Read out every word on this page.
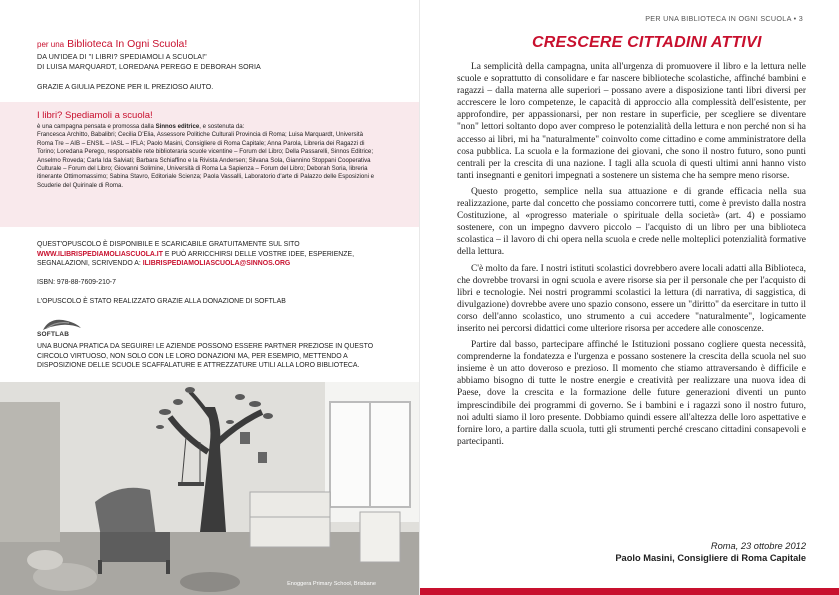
per una Biblioteca In Ogni Scuola!
DA UN'IDEA DI "I LIBRI? SPEDIAMOLI A SCUOLA!"
DI LUISA MARQUARDT, LOREDANA PEREGO E DEBORAH SORIA
GRAZIE A GIULIA PEZONE PER IL PREZIOSO AIUTO.
I libri? Spediamoli a scuola!
è una campagna pensata e promossa dalla Sinnos editrice, e sostenuta da:
Francesca Architto, Babalibri; Cecilia D'Elia, Assessore Politiche Culturali Provincia di Roma; Luisa Marquardt, Università Roma Tre – AIB – ENSIL – IASL – IFLA; Paolo Masini, Consigliere di Roma Capitale; Anna Parola, Libreria dei Ragazzi di Torino; Loredana Perego, responsabile rete biblioteraria scuole vicentine – Forum del Libro; Della Passarelli, Sinnos Editrice; Anselmo Roveda; Carla Ida Salviati; Barbara Schiaffino e la Rivista Andersen; Silvana Sola, Giannino Stoppani Cooperativa Culturale – Forum del Libro; Giovanni Solimine, Università di Roma La Sapienza – Forum del Libro; Deborah Soria, libreria itinerante Ottimomassimo; Sabina Stavro, Editoriale Scienza; Paola Vassalli, Laboratorio d'arte di Palazzo delle Esposizioni e Scuderie del Quirinale di Roma.
QUEST'OPUSCOLO È DISPONIBILE E SCARICABILE GRATUITAMENTE SUL SITO
WWW.ILIBRISPEDIAMOLIASCUOLA.IT E PUÒ ARRICCHIRSI DELLE VOSTRE IDEE, ESPERIENZE, SEGNALAZIONI, SCRIVENDO A: ILIBRISPEDIAMOLIASCUOLA@SINNOS.ORG
ISBN: 978-88-7609-210-7
L'OPUSCOLO È STATO REALIZZATO GRAZIE ALLA DONAZIONE DI SOFTLAB
SOFTLAB
UNA BUONA PRATICA DA SEGUIRE! LE AZIENDE POSSONO ESSERE PARTNER PREZIOSE IN QUESTO CIRCOLO VIRTUOSO, NON SOLO CON LE LORO DONAZIONI MA, PER ESEMPIO, METTENDO A DISPOSIZIONE DELLE SCUOLE SCAFFALATURE E ATTREZZATURE UTILI ALLA LORO BIBLIOTECA.
Enoggera Primary School, Brisbane
PER UNA BIBLIOTECA IN OGNI SCUOLA • 3
CRESCERE CITTADINI ATTIVI

La semplicità della campagna, unita all'urgenza di promuovere il libro e la lettura nelle scuole e soprattutto di consolidare e far nascere biblioteche scolastiche, affinché bambini e ragazzi – dalla materna alle superiori – possano avere a disposizione tanti libri diversi per accrescere le loro competenze, le capacità di approccio alla complessità dell'esistente, per approfondire, per appassionarsi, per non restare in superficie, per scegliere se diventare "non" lettori soltanto dopo aver compreso le potenzialità della lettura e non perché non si ha accesso ai libri, mi ha "naturalmente" coinvolto come cittadino e come amministratore della cosa pubblica. La scuola e la formazione dei giovani, che sono il nostro futuro, sono punti centrali per la crescita di una nazione. I tagli alla scuola di questi ultimi anni hanno visto tanti insegnanti e genitori impegnati a sostenere un sistema che ha sempre meno risorse.

Questo progetto, semplice nella sua attuazione e di grande efficacia nella sua realizzazione, parte dal concetto che possiamo concorrere tutti, come è previsto dalla nostra Costituzione, al «progresso materiale o spirituale della società» (art. 4) e possiamo sostenere, con un impegno davvero piccolo – l'acquisto di un libro per una biblioteca scolastica – il lavoro di chi opera nella scuola e crede nelle molteplici potenzialità formative della lettura.

C'è molto da fare. I nostri istituti scolastici dovrebbero avere locali adatti alla Biblioteca, che dovrebbe trovarsi in ogni scuola e avere risorse sia per il personale che per l'acquisto di libri e tecnologie. Nei nostri programmi scolastici la lettura (di narrativa, di saggistica, di divulgazione) dovrebbe avere uno spazio consono, essere un "diritto" da esercitare in tutto il corso dell'anno scolastico, uno strumento a cui accedere "naturalmente", logicamente inserito nei percorsi didattici come ulteriore risorsa per accedere alle conoscenze.

Partire dal basso, partecipare affinché le Istituzioni possano cogliere questa necessità, comprenderne la fondatezza e l'urgenza e possano sostenere la crescita della scuola nel suo insieme è un atto doveroso e prezioso. Il momento che stiamo attraversando è difficile e abbiamo bisogno di tutte le nostre energie e creatività per realizzare una nuova idea di Paese, dove la crescita e la formazione delle future generazioni diventi un punto imprescindibile dei programmi di governo. Se i bambini e i ragazzi sono il nostro futuro, noi adulti siamo il loro presente. Dobbiamo quindi essere all'altezza delle loro aspettative e fornire loro, a partire dalla scuola, tutti gli strumenti perché crescano cittadini consapevoli e partecipanti.

Roma, 23 ottobre 2012
Paolo Masini, Consigliere di Roma Capitale
